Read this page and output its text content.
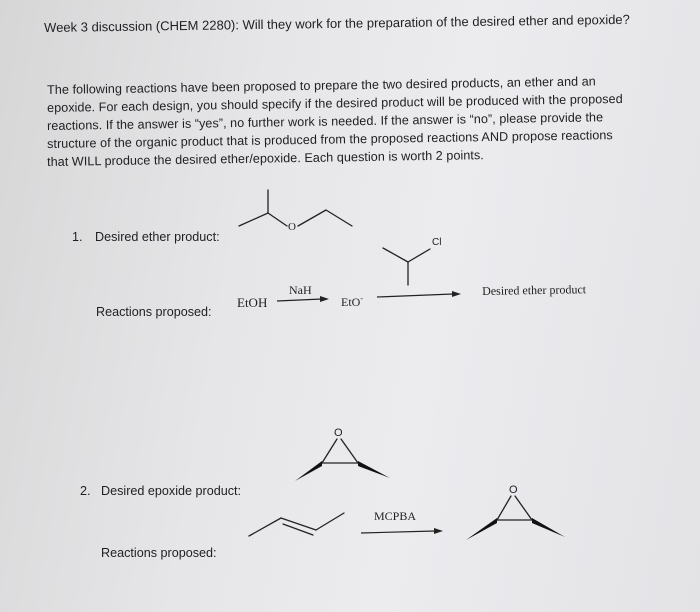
Week 3 discussion (CHEM 2280): Will they work for the preparation of the desired ether and epoxide?
The following reactions have been proposed to prepare the two desired products, an ether and an
epoxide. For each design, you should specify if the desired product will be produced with the proposed
reactions. If the answer is “yes”, no further work is needed. If the answer is “no”, please provide the
structure of the organic product that is produced from the proposed reactions AND propose reactions
that WILL produce the desired ether/epoxide. Each question is worth 2 points.
1. Desired ether product:
O
Reactions proposed:
EtOH
NaH
EtO-
Cl
Desired ether product
2. Desired epoxide product:
O
Reactions proposed:
MCPBA
O
